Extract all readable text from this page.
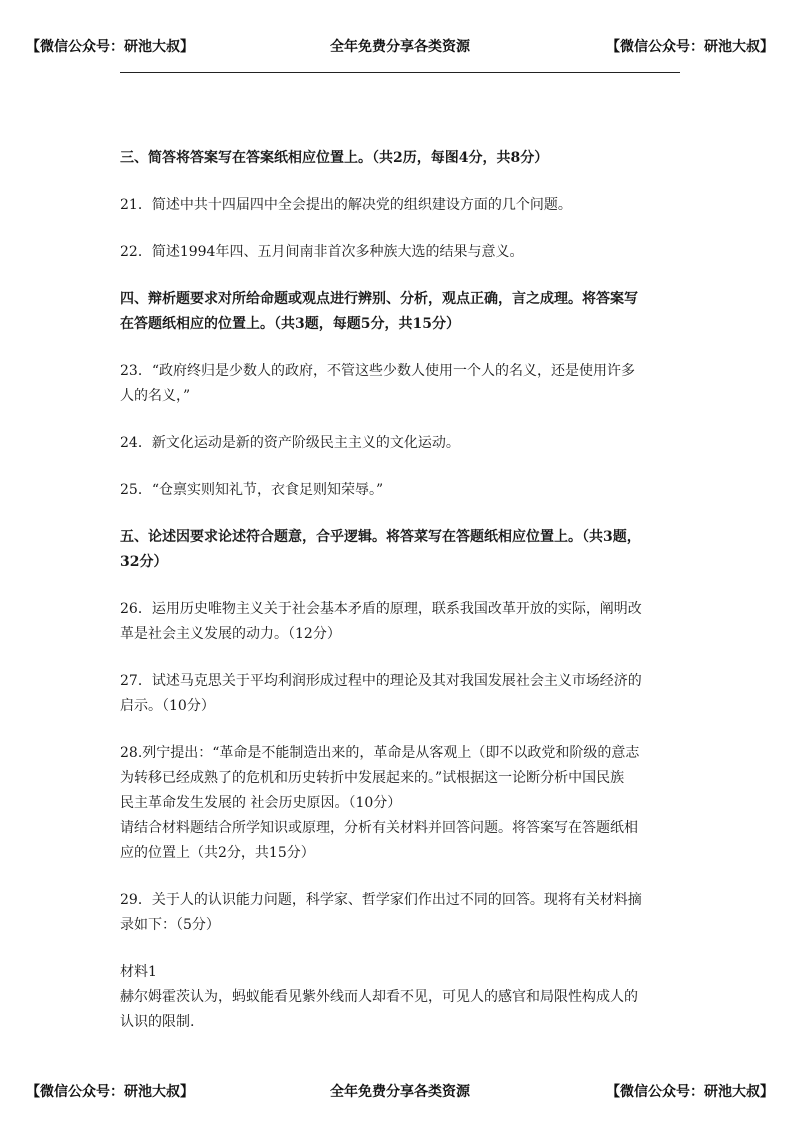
【微信公众号：研池大叔】	全年免费分享各类资源	【微信公众号：研池大叔】

三、简答将答案写在答案纸相应位置上。（共2历，每图4分，共8分）

21．简述中共十四届四中全会提出的解决党的组织建设方面的几个问题。

22．简述1994年四、五月间南非首次多种族大选的结果与意义。

四、辩析题要求对所给命题或观点进行辨别、分析，观点正确，言之成理。将答案写

在答题纸相应的位置上。（共3题，每题5分，共15分）

23．“政府终归是少数人的政府，不管这些少数人使用一个人的名义，还是使用许多

人的名义，”

24．新文化运动是新的资产阶级民主主义的文化运动。

25．“仓禀实则知礼节，衣食足则知荣辱。”

五、论述因要求论述符合题意，合乎逻辑。将答菜写在答题纸相应位置上。（共3题，

32分）

26．运用历史唯物主义关于社会基本矛盾的原理，联系我国改革开放的实际，阐明改

革是社会主义发展的动力。（12分）

27．试述马克思关于平均利润形成过程中的理论及其对我国发展社会主义市场经济的

启示。（10分）

28.列宁提出：“革命是不能制造出来的，革命是从客观上（即不以政党和阶级的意志

为转移已经成熟了的危机和历史转折中发展起来的。”试根据这一论断分析中国民族

民主革命发生发展的 社会历史原因。（10分）

请结合材料题结合所学知识或原理，分析有关材料并回答问题。将答案写在答题纸相

应的位置上（共2分，共15分）

29．关于人的认识能力问题，科学家、哲学家们作出过不同的回答。现将有关材料摘

录如下：（5分）

材料1

赫尔姆霍茨认为，蚂蚁能看见紫外线而人却看不见，可见人的感官和局限性构成人的

认识的限制.

【微信公众号：研池大叔】	全年免费分享各类资源	【微信公众号：研池大叔】
